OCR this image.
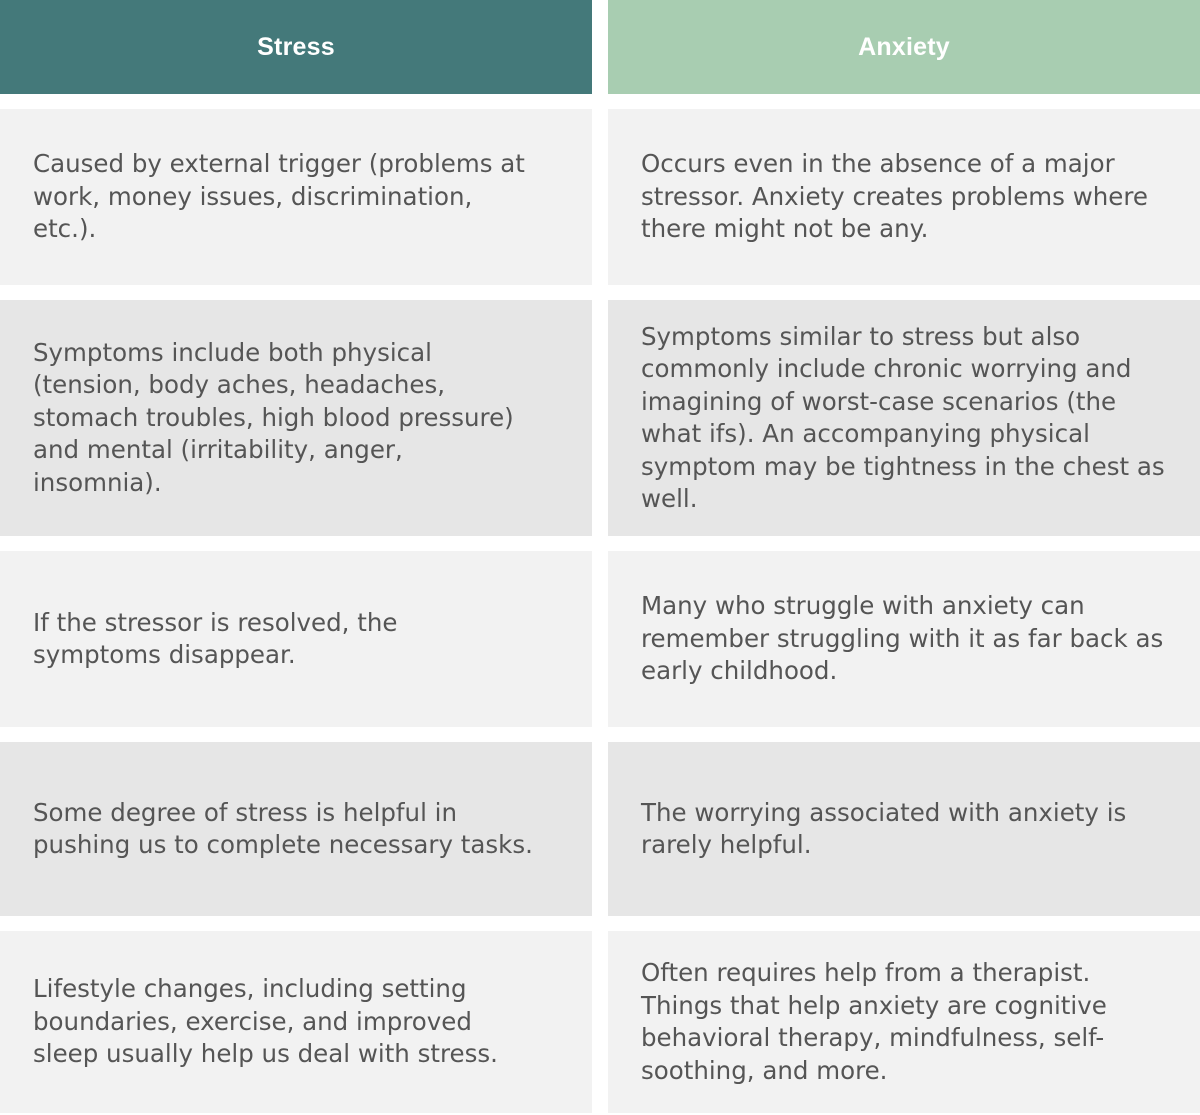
Stress	Anxiety
Caused by external trigger (problems at work, money issues, discrimination, etc.).
Occurs even in the absence of a major stressor. Anxiety creates problems where there might not be any.
Symptoms include both physical (tension, body aches, headaches, stomach troubles, high blood pressure) and mental (irritability, anger, insomnia).
Symptoms similar to stress but also commonly include chronic worrying and imagining of worst-case scenarios (the what ifs). An accompanying physical symptom may be tightness in the chest as well.
If the stressor is resolved, the symptoms disappear.
Many who struggle with anxiety can remember struggling with it as far back as early childhood.
Some degree of stress is helpful in pushing us to complete necessary tasks.
The worrying associated with anxiety is rarely helpful.
Lifestyle changes, including setting boundaries, exercise, and improved sleep usually help us deal with stress.
Often requires help from a therapist. Things that help anxiety are cognitive behavioral therapy, mindfulness, self-soothing, and more.
